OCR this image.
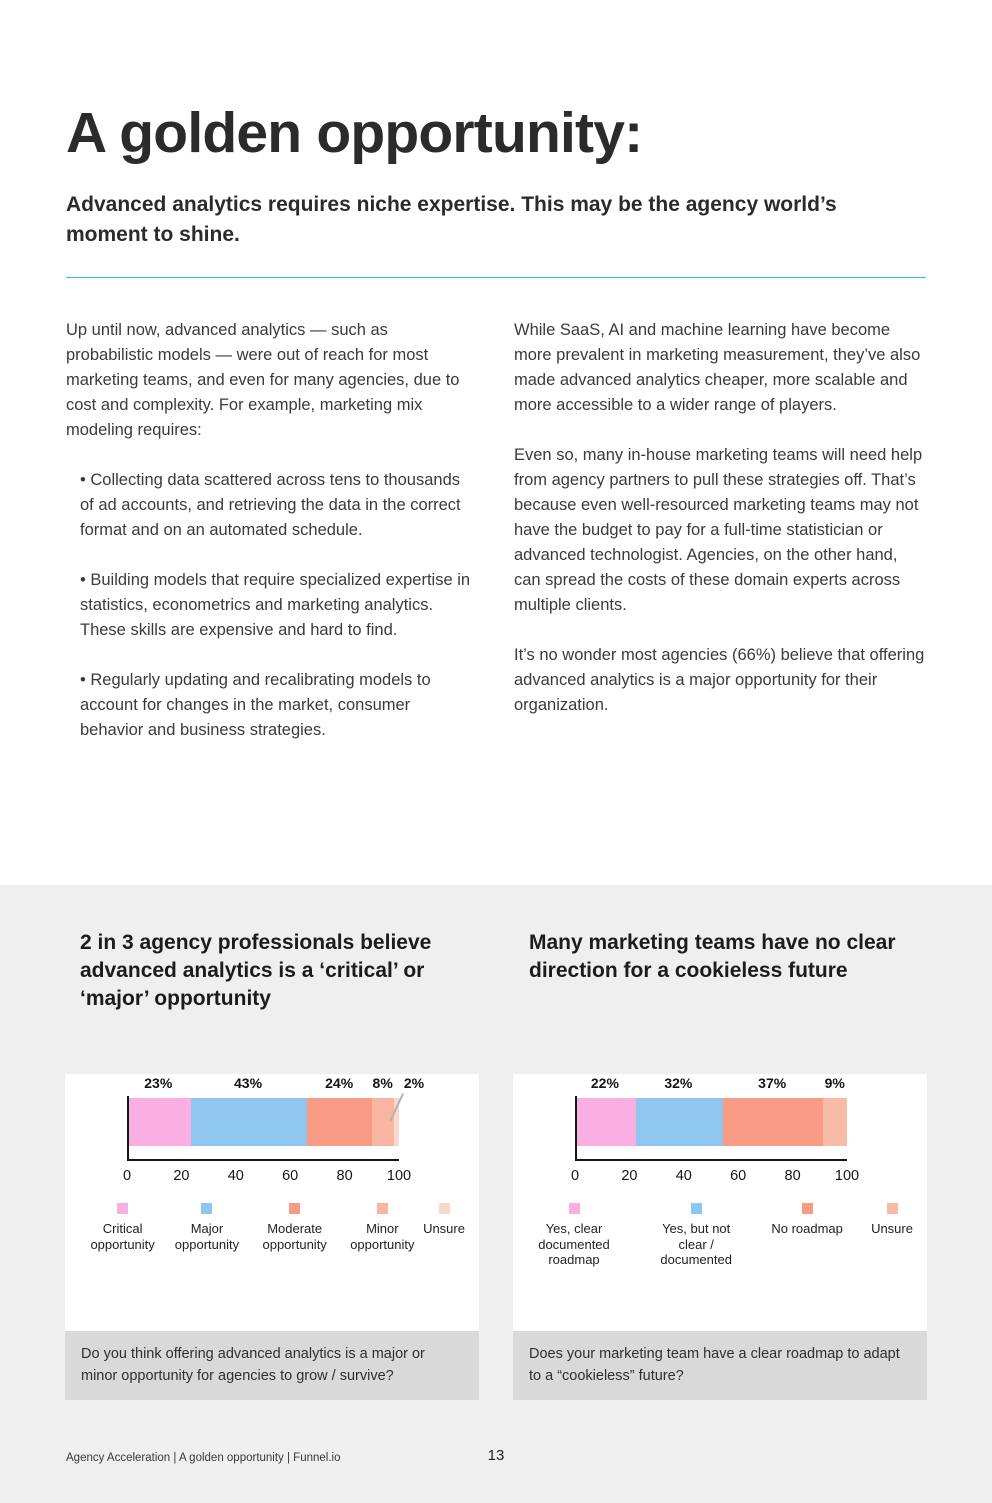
A golden opportunity:
Advanced analytics requires niche expertise. This may be the agency world’s moment to shine.

Up until now, advanced analytics — such as probabilistic models — were out of reach for most marketing teams, and even for many agencies, due to cost and complexity. For example, marketing mix modeling requires:

• Collecting data scattered across tens to thousands of ad accounts, and retrieving the data in the correct format and on an automated schedule.

• Building models that require specialized expertise in statistics, econometrics and marketing analytics. These skills are expensive and hard to find.

• Regularly updating and recalibrating models to account for changes in the market, consumer behavior and business strategies.

While SaaS, AI and machine learning have become more prevalent in marketing measurement, they’ve also made advanced analytics cheaper, more scalable and more accessible to a wider range of players.

Even so, many in-house marketing teams will need help from agency partners to pull these strategies off. That’s because even well-resourced marketing teams may not have the budget to pay for a full-time statistician or advanced technologist. Agencies, on the other hand, can spread the costs of these domain experts across multiple clients.

It’s no wonder most agencies (66%) believe that offering advanced analytics is a major opportunity for their organization.

2 in 3 agency professionals believe advanced analytics is a ‘critical’ or ‘major’ opportunity
Many marketing teams have no clear direction for a cookieless future
23%	43%	24% 8% 2%
0	20	40	60	80 100
Critical opportunity
Major opportunity
Moderate opportunity
Minor opportunity
Unsure
Do you think offering advanced analytics is a major or minor opportunity for agencies to grow / survive?
22%	32%	37%	9%
0	20	40	60	80 100
Yes, clear documented roadmap
Yes, but not clear / documented
No roadmap Unsure
Does your marketing team have a clear roadmap to adapt to a “cookieless” future?
Agency Acceleration | A golden opportunity | Funnel.io	13
